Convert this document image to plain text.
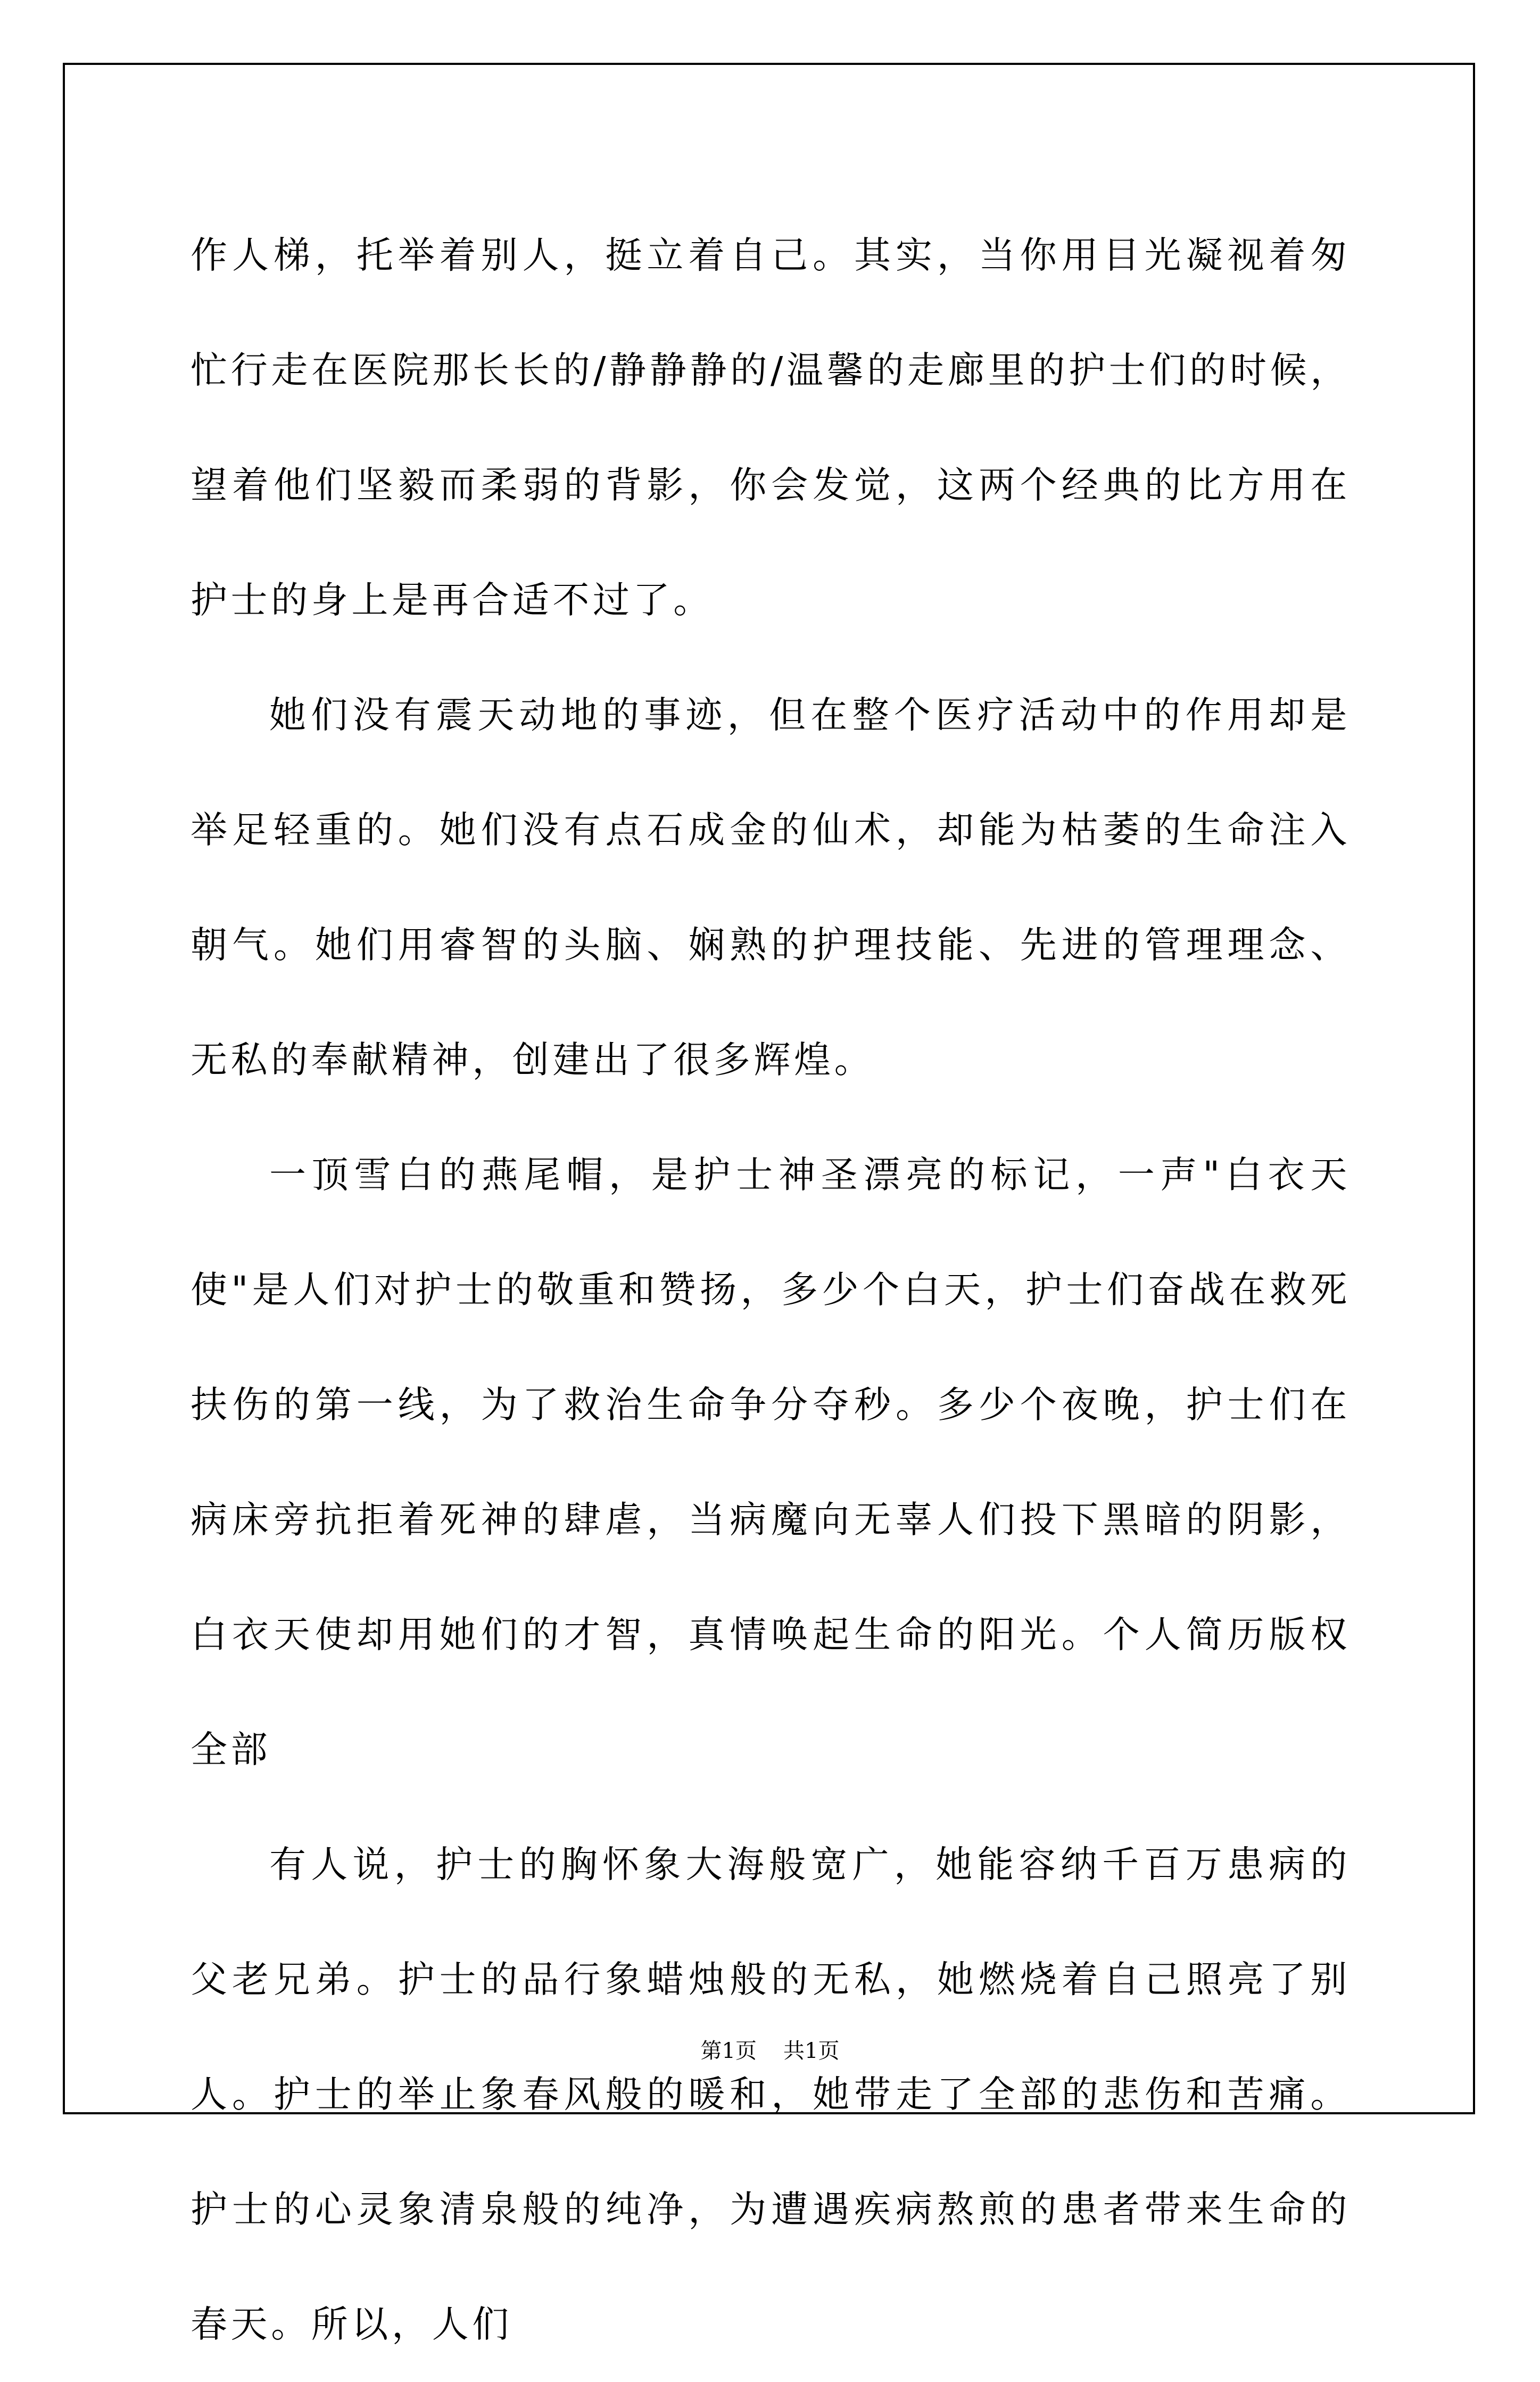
作人梯，托举着别人，挺立着自己。其实，当你用目光凝视着匆忙行走在医院那长长的/静静静的/温馨的走廊里的护士们的时候，望着他们坚毅而柔弱的背影，你会发觉，这两个经典的比方用在护士的身上是再合适不过了。

她们没有震天动地的事迹，但在整个医疗活动中的作用却是举足轻重的。她们没有点石成金的仙术，却能为枯萎的生命注入朝气。她们用睿智的头脑、娴熟的护理技能、先进的管理理念、无私的奉献精神，创建出了很多辉煌。

一顶雪白的燕尾帽，是护士神圣漂亮的标记，一声"白衣天使"是人们对护士的敬重和赞扬，多少个白天，护士们奋战在救死扶伤的第一线，为了救治生命争分夺秒。多少个夜晚，护士们在病床旁抗拒着死神的肆虐，当病魔向无辜人们投下黑暗的阴影，白衣天使却用她们的才智，真情唤起生命的阳光。个人简历版权全部

有人说，护士的胸怀象大海般宽广，她能容纳千百万患病的父老兄弟。护士的品行象蜡烛般的无私，她燃烧着自己照亮了别人。护士的举止象春风般的暖和，她带走了全部的悲伤和苦痛。护士的心灵象清泉般的纯净，为遭遇疾病熬煎的患者带来生命的春天。所以，人们

第1页 共1页
